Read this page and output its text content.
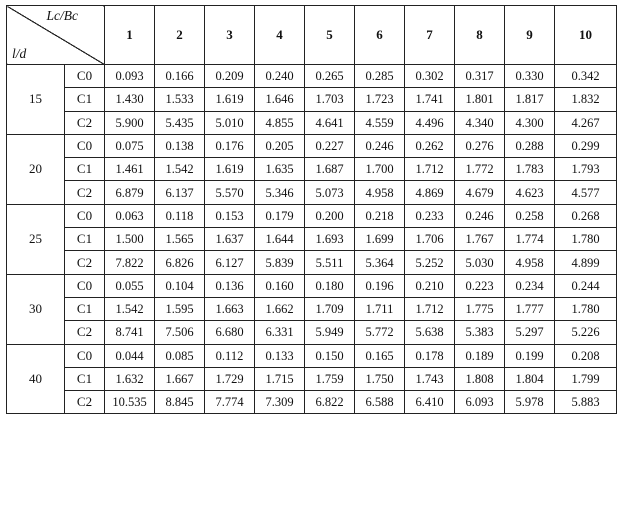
Lc/Bc
l/d		1	2	3	4	5	6	7	8	9	10
15	C0	0.093	0.166	0.209	0.240	0.265	0.285	0.302	0.317	0.330	0.342
	C1	1.430	1.533	1.619	1.646	1.703	1.723	1.741	1.801	1.817	1.832
	C2	5.900	5.435	5.010	4.855	4.641	4.559	4.496	4.340	4.300	4.267
20	C0	0.075	0.138	0.176	0.205	0.227	0.246	0.262	0.276	0.288	0.299
	C1	1.461	1.542	1.619	1.635	1.687	1.700	1.712	1.772	1.783	1.793
	C2	6.879	6.137	5.570	5.346	5.073	4.958	4.869	4.679	4.623	4.577
25	C0	0.063	0.118	0.153	0.179	0.200	0.218	0.233	0.246	0.258	0.268
	C1	1.500	1.565	1.637	1.644	1.693	1.699	1.706	1.767	1.774	1.780
	C2	7.822	6.826	6.127	5.839	5.511	5.364	5.252	5.030	4.958	4.899
30	C0	0.055	0.104	0.136	0.160	0.180	0.196	0.210	0.223	0.234	0.244
	C1	1.542	1.595	1.663	1.662	1.709	1.711	1.712	1.775	1.777	1.780
	C2	8.741	7.506	6.680	6.331	5.949	5.772	5.638	5.383	5.297	5.226
40	C0	0.044	0.085	0.112	0.133	0.150	0.165	0.178	0.189	0.199	0.208
	C1	1.632	1.667	1.729	1.715	1.759	1.750	1.743	1.808	1.804	1.799
	C2	10.535	8.845	7.774	7.309	6.822	6.588	6.410	6.093	5.978	5.883
